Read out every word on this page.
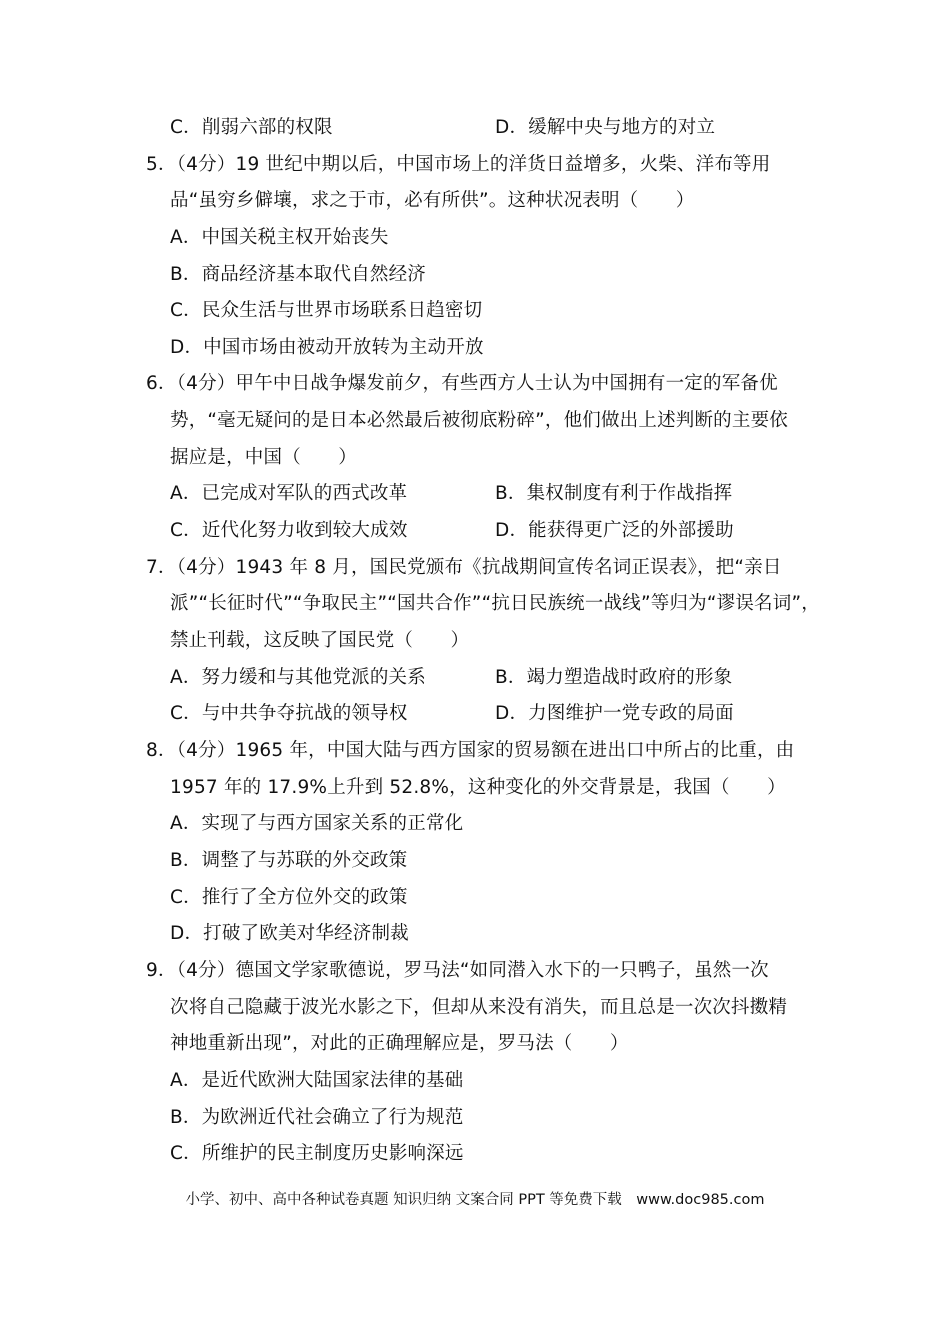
C．削弱六部的权限	D．缓解中央与地方的对立
5．（4分）19 世纪中期以后，中国市场上的洋货日益增多，火柴、洋布等用
品“虽穷乡僻壤，求之于市，必有所供”。这种状况表明（　　）
A．中国关税主权开始丧失
B．商品经济基本取代自然经济
C．民众生活与世界市场联系日趋密切
D．中国市场由被动开放转为主动开放
6．（4分）甲午中日战争爆发前夕，有些西方人士认为中国拥有一定的军备优
势，“毫无疑问的是日本必然最后被彻底粉碎”，他们做出上述判断的主要依
据应是，中国（　　）
A．已完成对军队的西式改革	B．集权制度有利于作战指挥
C．近代化努力收到较大成效	D．能获得更广泛的外部援助
7．（4分）1943 年 8 月，国民党颁布《抗战期间宣传名词正误表》，把“亲日
派”“长征时代”“争取民主”“国共合作”“抗日民族统一战线”等归为“谬误名词”，
禁止刊载，这反映了国民党（　　）
A．努力缓和与其他党派的关系	B．竭力塑造战时政府的形象
C．与中共争夺抗战的领导权	D．力图维护一党专政的局面
8．（4分）1965 年，中国大陆与西方国家的贸易额在进出口中所占的比重，由
1957 年的 17.9%上升到 52.8%，这种变化的外交背景是，我国（　　）
A．实现了与西方国家关系的正常化
B．调整了与苏联的外交政策
C．推行了全方位外交的政策
D．打破了欧美对华经济制裁
9．（4分）德国文学家歌德说，罗马法“如同潜入水下的一只鸭子，虽然一次
次将自己隐藏于波光水影之下，但却从来没有消失，而且总是一次次抖擞精
神地重新出现”，对此的正确理解应是，罗马法（　　）
A．是近代欧洲大陆国家法律的基础
B．为欧洲近代社会确立了行为规范
C．所维护的民主制度历史影响深远
小学、初中、高中各种试卷真题 知识归纳 文案合同 PPT 等免费下载　www.doc985.com
